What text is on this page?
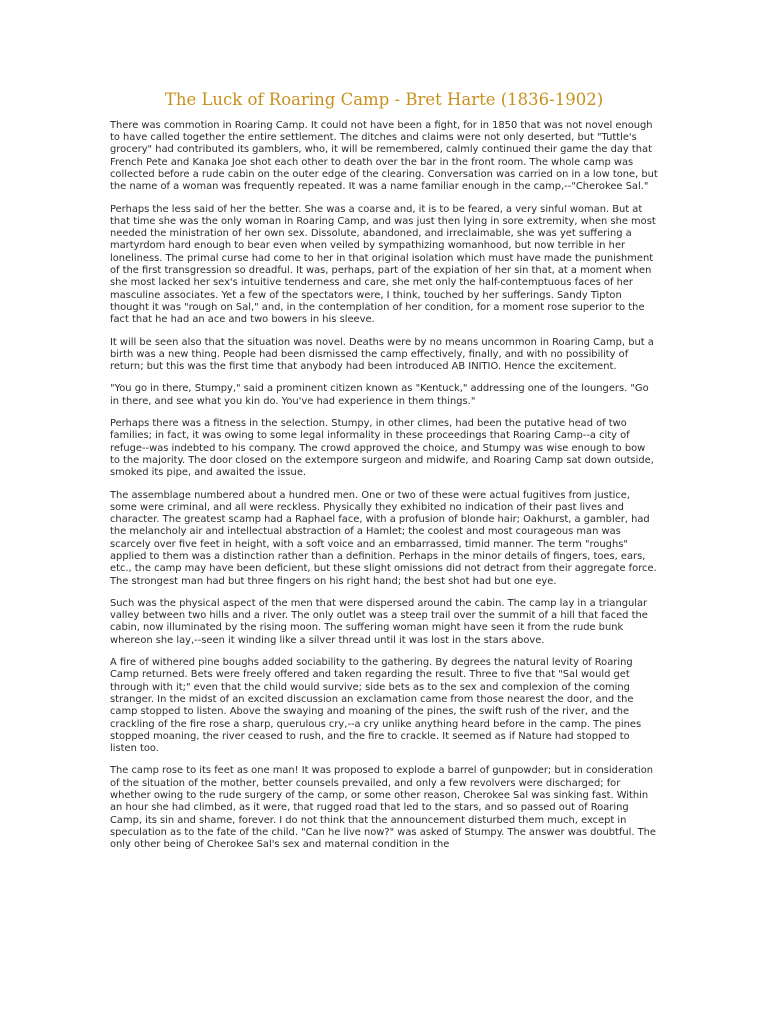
The Luck of Roaring Camp - Bret Harte (1836-1902)

There was commotion in Roaring Camp. It could not have been a fight, for in 1850 that was not novel enough to have called together the entire settlement. The ditches and claims were not only deserted, but "Tuttle's grocery" had contributed its gamblers, who, it will be remembered, calmly continued their game the day that French Pete and Kanaka Joe shot each other to death over the bar in the front room. The whole camp was collected before a rude cabin on the outer edge of the clearing. Conversation was carried on in a low tone, but the name of a woman was frequently repeated. It was a name familiar enough in the camp,--"Cherokee Sal."

Perhaps the less said of her the better. She was a coarse and, it is to be feared, a very sinful woman. But at that time she was the only woman in Roaring Camp, and was just then lying in sore extremity, when she most needed the ministration of her own sex. Dissolute, abandoned, and irreclaimable, she was yet suffering a martyrdom hard enough to bear even when veiled by sympathizing womanhood, but now terrible in her loneliness. The primal curse had come to her in that original isolation which must have made the punishment of the first transgression so dreadful. It was, perhaps, part of the expiation of her sin that, at a moment when she most lacked her sex's intuitive tenderness and care, she met only the half-contemptuous faces of her masculine associates. Yet a few of the spectators were, I think, touched by her sufferings. Sandy Tipton thought it was "rough on Sal," and, in the contemplation of her condition, for a moment rose superior to the fact that he had an ace and two bowers in his sleeve.

It will be seen also that the situation was novel. Deaths were by no means uncommon in Roaring Camp, but a birth was a new thing. People had been dismissed the camp effectively, finally, and with no possibility of return; but this was the first time that anybody had been introduced AB INITIO. Hence the excitement.

"You go in there, Stumpy," said a prominent citizen known as "Kentuck," addressing one of the loungers. "Go in there, and see what you kin do. You've had experience in them things."

Perhaps there was a fitness in the selection. Stumpy, in other climes, had been the putative head of two families; in fact, it was owing to some legal informality in these proceedings that Roaring Camp--a city of refuge--was indebted to his company. The crowd approved the choice, and Stumpy was wise enough to bow to the majority. The door closed on the extempore surgeon and midwife, and Roaring Camp sat down outside, smoked its pipe, and awaited the issue.

The assemblage numbered about a hundred men. One or two of these were actual fugitives from justice, some were criminal, and all were reckless. Physically they exhibited no indication of their past lives and character. The greatest scamp had a Raphael face, with a profusion of blonde hair; Oakhurst, a gambler, had the melancholy air and intellectual abstraction of a Hamlet; the coolest and most courageous man was scarcely over five feet in height, with a soft voice and an embarrassed, timid manner. The term "roughs" applied to them was a distinction rather than a definition. Perhaps in the minor details of fingers, toes, ears, etc., the camp may have been deficient, but these slight omissions did not detract from their aggregate force. The strongest man had but three fingers on his right hand; the best shot had but one eye.

Such was the physical aspect of the men that were dispersed around the cabin. The camp lay in a triangular valley between two hills and a river. The only outlet was a steep trail over the summit of a hill that faced the cabin, now illuminated by the rising moon. The suffering woman might have seen it from the rude bunk whereon she lay,--seen it winding like a silver thread until it was lost in the stars above.

A fire of withered pine boughs added sociability to the gathering. By degrees the natural levity of Roaring Camp returned. Bets were freely offered and taken regarding the result. Three to five that "Sal would get through with it;" even that the child would survive; side bets as to the sex and complexion of the coming stranger. In the midst of an excited discussion an exclamation came from those nearest the door, and the camp stopped to listen. Above the swaying and moaning of the pines, the swift rush of the river, and the crackling of the fire rose a sharp, querulous cry,--a cry unlike anything heard before in the camp. The pines stopped moaning, the river ceased to rush, and the fire to crackle. It seemed as if Nature had stopped to listen too.

The camp rose to its feet as one man! It was proposed to explode a barrel of gunpowder; but in consideration of the situation of the mother, better counsels prevailed, and only a few revolvers were discharged; for whether owing to the rude surgery of the camp, or some other reason, Cherokee Sal was sinking fast. Within an hour she had climbed, as it were, that rugged road that led to the stars, and so passed out of Roaring Camp, its sin and shame, forever. I do not think that the announcement disturbed them much, except in speculation as to the fate of the child. "Can he live now?" was asked of Stumpy. The answer was doubtful. The only other being of Cherokee Sal's sex and maternal condition in the
